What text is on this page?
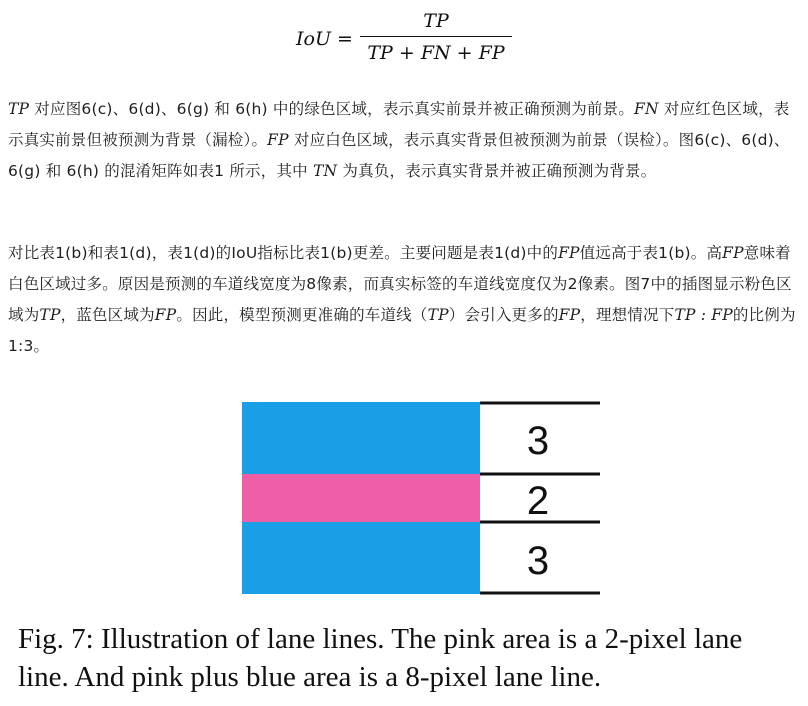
IoU =
TP
TP + FN + FP
TP 对应图6(c)、6(d)、6(g) 和 6(h) 中的绿色区域，表示真实前景并被正确预测为前景。FN 对应红色区域，表示真实前景但被预测为背景（漏检）。FP 对应白色区域，表示真实背景但被预测为前景（误检）。图6(c)、6(d)、6(g) 和 6(h) 的混淆矩阵如表1 所示，其中 TN 为真负，表示真实背景并被正确预测为背景。
对比表1(b)和表1(d)，表1(d)的IoU指标比表1(b)更差。主要问题是表1(d)中的FP值远高于表1(b)。高FP意味着白色区域过多。原因是预测的车道线宽度为8像素，而真实标签的车道线宽度仅为2像素。图7中的插图显示粉色区域为TP，蓝色区域为FP。因此，模型预测更准确的车道线（TP）会引入更多的FP，理想情况下TP : FP的比例为1:3。
3
2
3
Fig. 7: Illustration of lane lines. The pink area is a 2-pixel lane line. And pink plus blue area is a 8-pixel lane line.
